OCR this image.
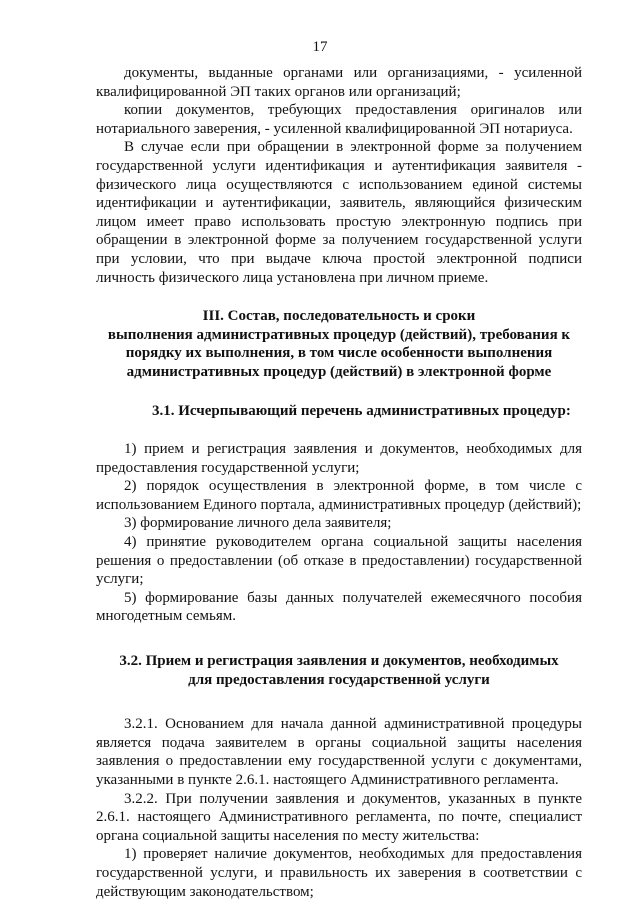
17

документы, выданные органами или организациями, - усиленной квалифицированной ЭП таких органов или организаций;

копии документов, требующих предоставления оригиналов или нотариального заверения, - усиленной квалифицированной ЭП нотариуса.

В случае если при обращении в электронной форме за получением государственной услуги идентификация и аутентификация заявителя - физического лица осуществляются с использованием единой системы идентификации и аутентификации, заявитель, являющийся физическим лицом имеет право использовать простую электронную подпись при обращении в электронной форме за получением государственной услуги при условии, что при выдаче ключа простой электронной подписи личность физического лица установлена при личном приеме.

III. Состав, последовательность и сроки
выполнения административных процедур (действий), требования к
порядку их выполнения, в том числе особенности выполнения
административных процедур (действий) в электронной форме
3.1. Исчерпывающий перечень административных процедур:

1) прием и регистрация заявления и документов, необходимых для предоставления государственной услуги;

2) порядок осуществления в электронной форме, в том числе с использованием Единого портала, административных процедур (действий);

3) формирование личного дела заявителя;

4) принятие руководителем органа социальной защиты населения решения о предоставлении (об отказе в предоставлении) государственной услуги;

5) формирование базы данных получателей ежемесячного пособия многодетным семьям.

3.2. Прием и регистрация заявления и документов, необходимых
для предоставления государственной услуги

3.2.1. Основанием для начала данной административной процедуры является подача заявителем в органы социальной защиты населения заявления о предоставлении ему государственной услуги с документами, указанными в пункте 2.6.1. настоящего Административного регламента.

3.2.2. При получении заявления и документов, указанных в пункте 2.6.1. настоящего Административного регламента, по почте, специалист органа социальной защиты населения по месту жительства:

1) проверяет наличие документов, необходимых для предоставления государственной услуги, и правильность их заверения в соответствии с действующим законодательством;
